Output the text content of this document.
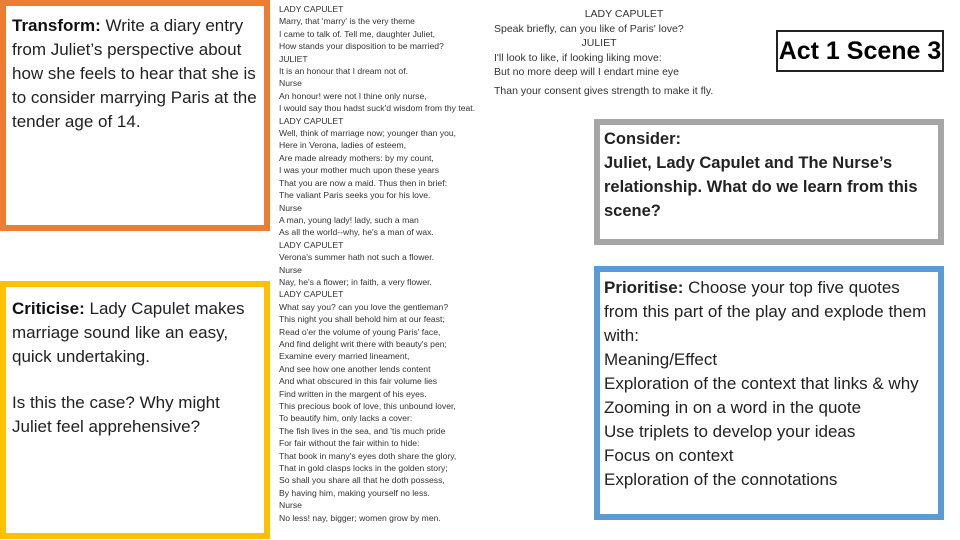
Transform: Write a diary entry from Juliet’s perspective about how she feels to hear that she is to consider marrying Paris at the tender age of 14.

Criticise: Lady Capulet makes marriage sound like an easy, quick undertaking.

Is this the case? Why might Juliet feel apprehensive?

LADY CAPULET
Marry, that 'marry' is the very theme
I came to talk of. Tell me, daughter Juliet,
How stands your disposition to be married?
JULIET
It is an honour that I dream not of.
Nurse
An honour! were not I thine only nurse,
I would say thou hadst suck'd wisdom from thy teat.
LADY CAPULET
Well, think of marriage now; younger than you,
Here in Verona, ladies of esteem,
Are made already mothers: by my count,
I was your mother much upon these years
That you are now a maid. Thus then in brief:
The valiant Paris seeks you for his love.
Nurse
A man, young lady! lady, such a man
As all the world--why, he's a man of wax.
LADY CAPULET
Verona's summer hath not such a flower.
Nurse
Nay, he's a flower; in faith, a very flower.
LADY CAPULET
What say you? can you love the gentleman?
This night you shall behold him at our feast;
Read o'er the volume of young Paris' face,
And find delight writ there with beauty's pen;
Examine every married lineament,
And see how one another lends content
And what obscured in this fair volume lies
Find written in the margent of his eyes.
This precious book of love, this unbound lover,
To beautify him, only lacks a cover:
The fish lives in the sea, and 'tis much pride
For fair without the fair within to hide:
That book in many's eyes doth share the glory,
That in gold clasps locks in the golden story;
So shall you share all that he doth possess,
By having him, making yourself no less.
Nurse
No less! nay, bigger; women grow by men.
LADY CAPULET
Speak briefly, can you like of Paris' love?
JULIET
I'll look to like, if looking liking move:
But no more deep will I endart mine eye
Than your consent gives strength to make it fly.
Act 1 Scene 3

Consider:

Juliet, Lady Capulet and The Nurse’s relationship. What do we learn from this scene?

Prioritise: Choose your top five quotes from this part of the play and explode them with:

Meaning/Effect

Exploration of the context that links & why

Zooming in on a word in the quote

Use triplets to develop your ideas

Focus on context

Exploration of the connotations
